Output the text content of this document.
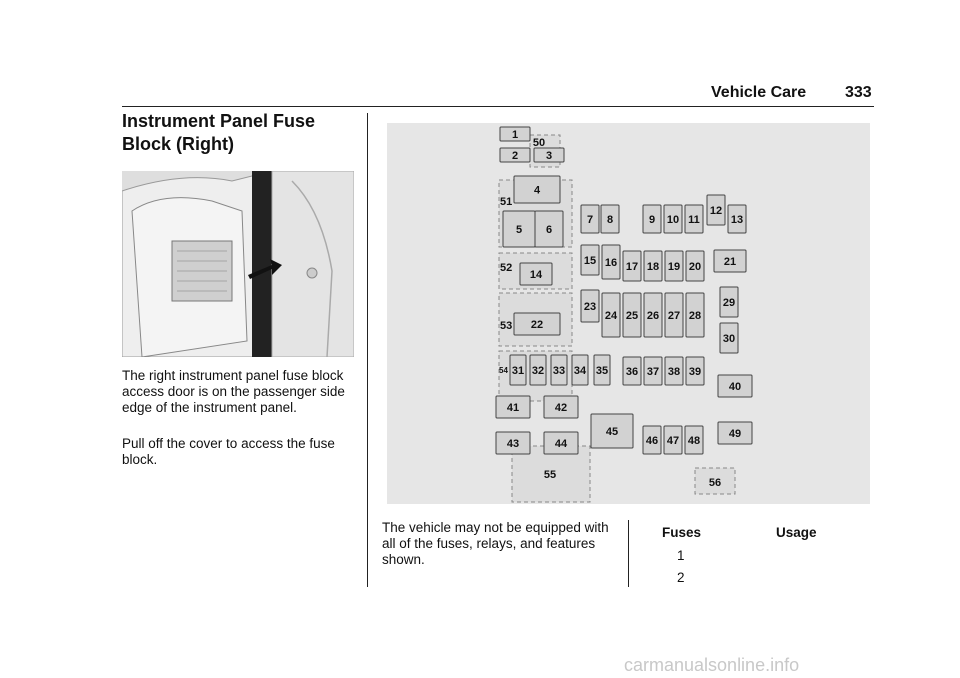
Vehicle Care 333
Instrument Panel Fuse
Block (Right)
The right instrument panel fuse block access door is on the passenger side edge of the instrument panel.
Pull off the cover to access the fuse block.
1
2	3
4
5 6
7 8	9 10 11
12
13
14
15 16 17 18 19 20 21
22
23
24 25 26 27 28
29
30
31 32 33 34 35 36 37 38 39
40
41	42
43	44
45
46 47 48
49
50
51
52
53
54
55
56
The vehicle may not be equipped with all of the fuses, relays, and features shown.
Fuses	Usage
1
2
carmanualsonline.info
